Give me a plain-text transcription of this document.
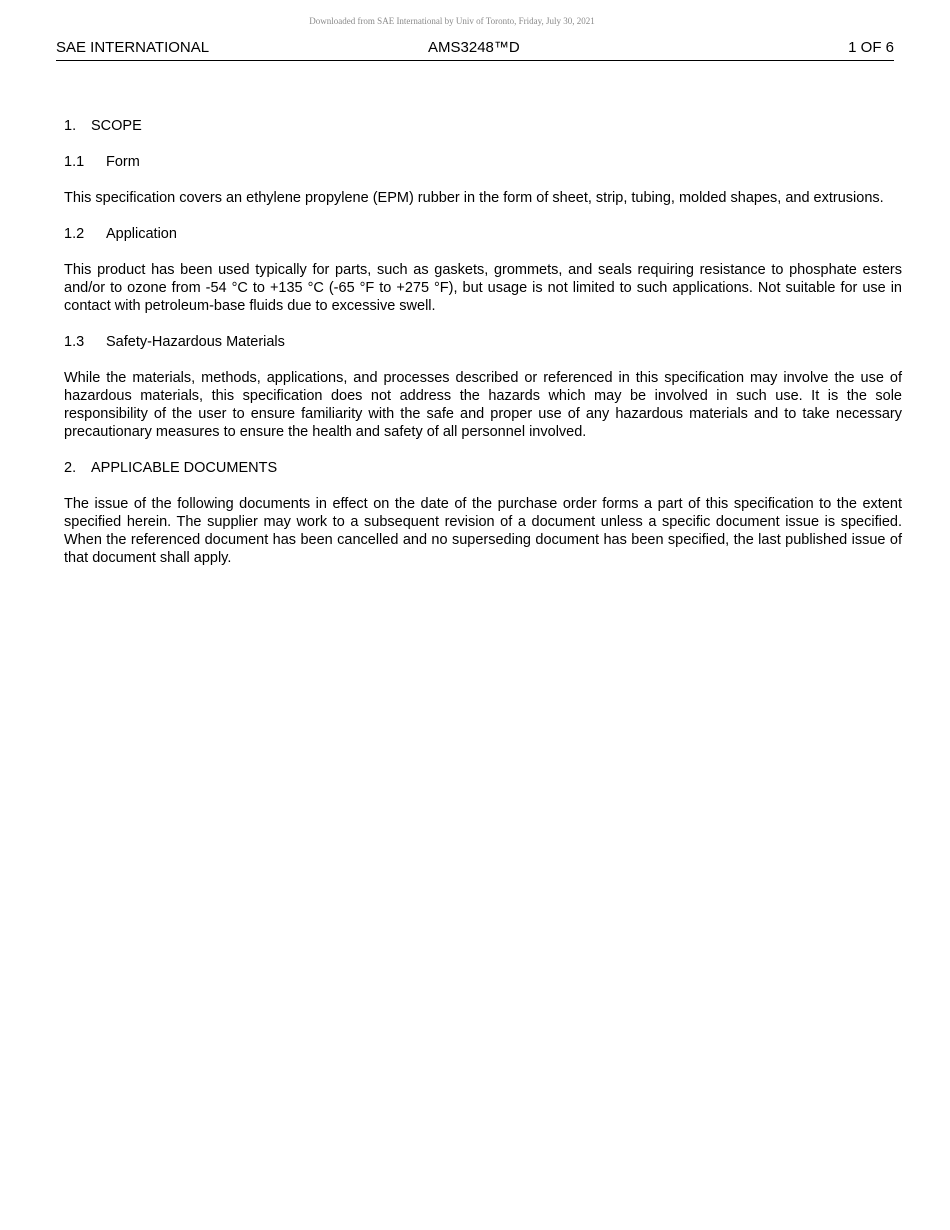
Downloaded from SAE International by Univ of Toronto, Friday, July 30, 2021
SAE INTERNATIONAL	AMS3248™D	1 OF 6
1. SCOPE
1.1 Form

This specification covers an ethylene propylene (EPM) rubber in the form of sheet, strip, tubing, molded shapes, and extrusions.

1.2 Application

This product has been used typically for parts, such as gaskets, grommets, and seals requiring resistance to phosphate esters and/or to ozone from -54 °C to +135 °C (-65 °F to +275 °F), but usage is not limited to such applications. Not suitable for use in contact with petroleum-base fluids due to excessive swell.

1.3 Safety-Hazardous Materials

While the materials, methods, applications, and processes described or referenced in this specification may involve the use of hazardous materials, this specification does not address the hazards which may be involved in such use. It is the sole responsibility of the user to ensure familiarity with the safe and proper use of any hazardous materials and to take necessary precautionary measures to ensure the health and safety of all personnel involved.

2. APPLICABLE DOCUMENTS

The issue of the following documents in effect on the date of the purchase order forms a part of this specification to the extent specified herein. The supplier may work to a subsequent revision of a document unless a specific document issue is specified. When the referenced document has been cancelled and no superseding document has been specified, the last published issue of that document shall apply.
